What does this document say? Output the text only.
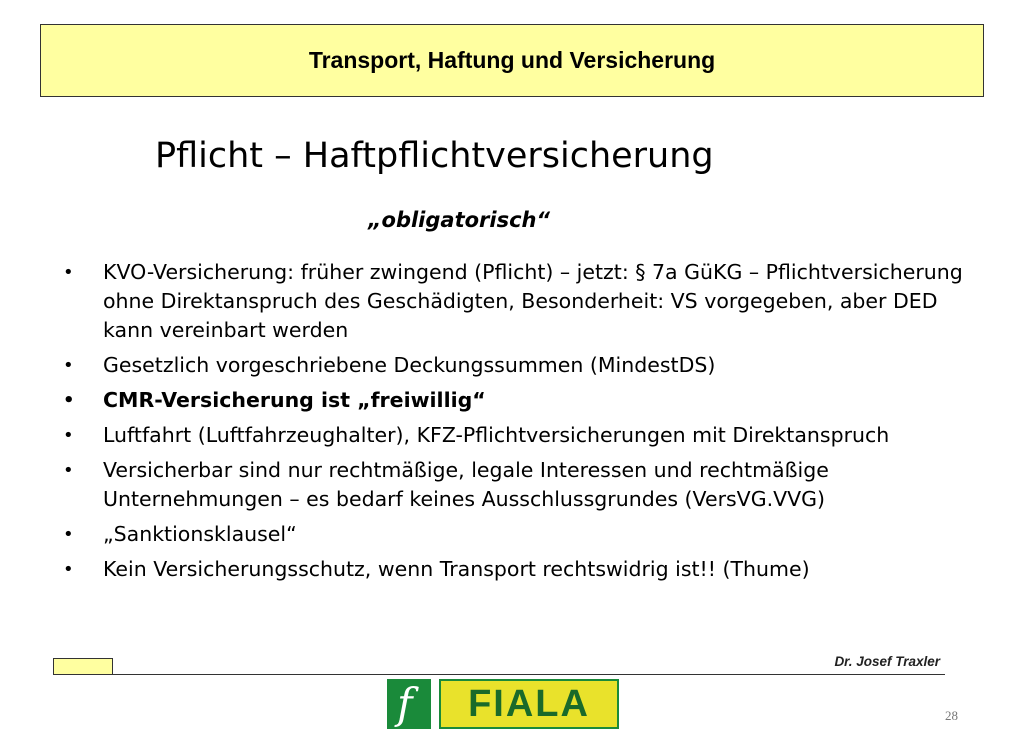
Transport, Haftung und Versicherung
Pflicht – Haftpflichtversicherung
„obligatorisch“
• KVO-Versicherung: früher zwingend (Pflicht) – jetzt: § 7a GüKG – Pflichtversicherung ohne Direktanspruch des Geschädigten, Besonderheit: VS vorgegeben, aber DED kann vereinbart werden
• Gesetzlich vorgeschriebene Deckungssummen (MindestDS)
• CMR-Versicherung ist „freiwillig“
• Luftfahrt (Luftfahrzeughalter), KFZ-Pflichtversicherungen mit Direktanspruch
• Versicherbar sind nur rechtmäßige, legale Interessen und rechtmäßige Unternehmungen – es bedarf keines Ausschlussgrundes (VersVG.VVG)
• „Sanktionsklausel“
• Kein Versicherungsschutz, wenn Transport rechtswidrig ist!! (Thume)
Dr. Josef Traxler
f FIALA	28
